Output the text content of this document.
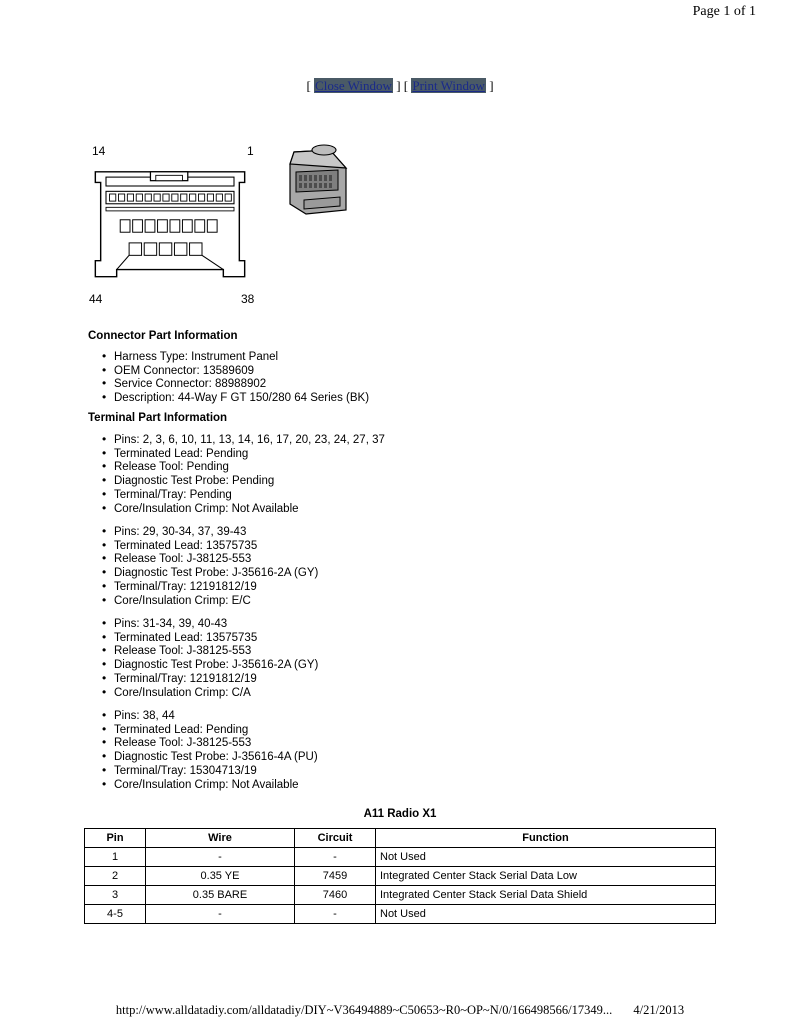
Page 1 of 1
[ Close Window ] [ Print Window ]
14	1
44	38
Connector Part Information
• Harness Type: Instrument Panel
• OEM Connector: 13589609
• Service Connector: 88988902
• Description: 44-Way F GT 150/280 64 Series (BK)
Terminal Part Information
• Pins: 2, 3, 6, 10, 11, 13, 14, 16, 17, 20, 23, 24, 27, 37
• Terminated Lead: Pending
• Release Tool: Pending
• Diagnostic Test Probe: Pending
• Terminal/Tray: Pending
• Core/Insulation Crimp: Not Available
• Pins: 29, 30-34, 37, 39-43
• Terminated Lead: 13575735
• Release Tool: J-38125-553
• Diagnostic Test Probe: J-35616-2A (GY)
• Terminal/Tray: 12191812/19
• Core/Insulation Crimp: E/C
• Pins: 31-34, 39, 40-43
• Terminated Lead: 13575735
• Release Tool: J-38125-553
• Diagnostic Test Probe: J-35616-2A (GY)
• Terminal/Tray: 12191812/19
• Core/Insulation Crimp: C/A
• Pins: 38, 44
• Terminated Lead: Pending
• Release Tool: J-38125-553
• Diagnostic Test Probe: J-35616-4A (PU)
• Terminal/Tray: 15304713/19
• Core/Insulation Crimp: Not Available
A11 Radio X1
Pin	Wire	Circuit	Function
1	-	-	Not Used
2	0.35 YE	7459	Integrated Center Stack Serial Data Low
3	0.35 BARE	7460	Integrated Center Stack Serial Data Shield
4-5	-	-	Not Used
http://www.alldatadiy.com/alldatadiy/DIY~V36494889~C50653~R0~OP~N/0/166498566/17349... 4/21/2013
